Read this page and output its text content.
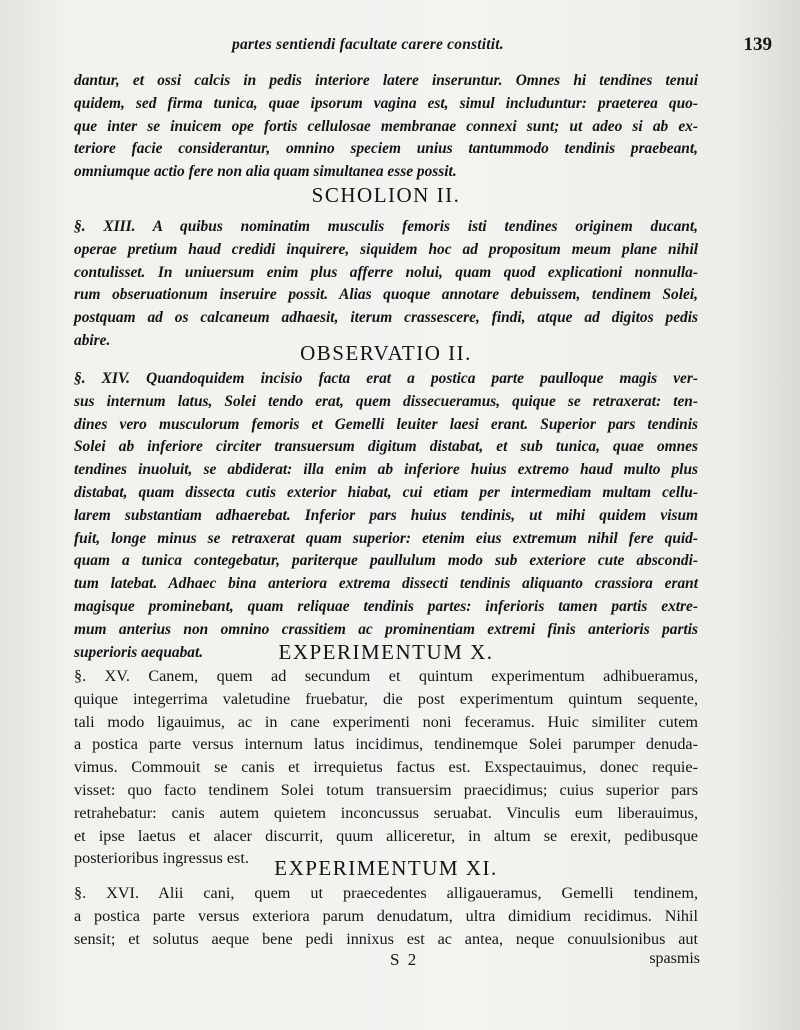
partes sentiendi facultate carere constitit.	139
dantur, et ossi calcis in pedis interiore latere inseruntur. Omnes hi tendines tenui
quidem, sed firma tunica, quae ipsorum vagina est, simul includuntur: praeterea quo-
que inter se inuicem ope fortis cellulosae membranae connexi sunt; ut adeo si ab ex-
teriore facie considerantur, omnino speciem unius tantummodo tendinis praebeant,
omniumque actio fere non alia quam simultanea esse possit.
SCHOLION II.
§. XIII. A quibus nominatim musculis femoris isti tendines originem ducant,
operae pretium haud credidi inquirere, siquidem hoc ad propositum meum plane nihil
contulisset. In uniuersum enim plus afferre nolui, quam quod explicationi nonnulla-
rum obseruationum inseruire possit. Alias quoque annotare debuissem, tendinem Solei,
postquam ad os calcaneum adhaesit, iterum crassescere, findi, atque ad digitos pedis
abire.
OBSERVATIO II.
§. XIV. Quandoquidem incisio facta erat a postica parte paulloque magis ver-
sus internum latus, Solei tendo erat, quem dissecueramus, quique se retraxerat: ten-
dines vero musculorum femoris et Gemelli leuiter laesi erant. Superior pars tendinis
Solei ab inferiore circiter transuersum digitum distabat, et sub tunica, quae omnes
tendines inuoluit, se abdiderat: illa enim ab inferiore huius extremo haud multo plus
distabat, quam dissecta cutis exterior hiabat, cui etiam per intermediam multam cellu-
larem substantiam adhaerebat. Inferior pars huius tendinis, ut mihi quidem visum
fuit, longe minus se retraxerat quam superior: etenim eius extremum nihil fere quid-
quam a tunica contegebatur, pariterque paullulum modo sub exteriore cute abscondi-
tum latebat. Adhaec bina anteriora extrema dissecti tendinis aliquanto crassiora erant
magisque prominebant, quam reliquae tendinis partes: inferioris tamen partis extre-
mum anterius non omnino crassitiem ac prominentiam extremi finis anterioris partis
superioris aequabat.	EXPERIMENTUM X.
§. XV. Canem, quem ad secundum et quintum experimentum adhibueramus,
quique integerrima valetudine fruebatur, die post experimentum quintum sequente,
tali modo ligauimus, ac in cane experimenti noni feceramus. Huic similiter cutem
a postica parte versus internum latus incidimus, tendinemque Solei parumper denuda-
vimus. Commouit se canis et irrequietus factus est. Exspectauimus, donec requie-
visset: quo facto tendinem Solei totum transuersim praecidimus; cuius superior pars
retrahebatur: canis autem quietem inconcussus seruabat. Vinculis eum liberauimus,
et ipse laetus et alacer discurrit, quum alliceretur, in altum se erexit, pedibusque
posterioribus ingressus est.	EXPERIMENTUM XI.
§. XVI. Alii cani, quem ut praecedentes alligaueramus, Gemelli tendinem,
a postica parte versus exteriora parum denudatum, ultra dimidium recidimus. Nihil
sensit; et solutus aeque bene pedi innixus est ac antea, neque conuulsionibus aut
S 2	spasmis
